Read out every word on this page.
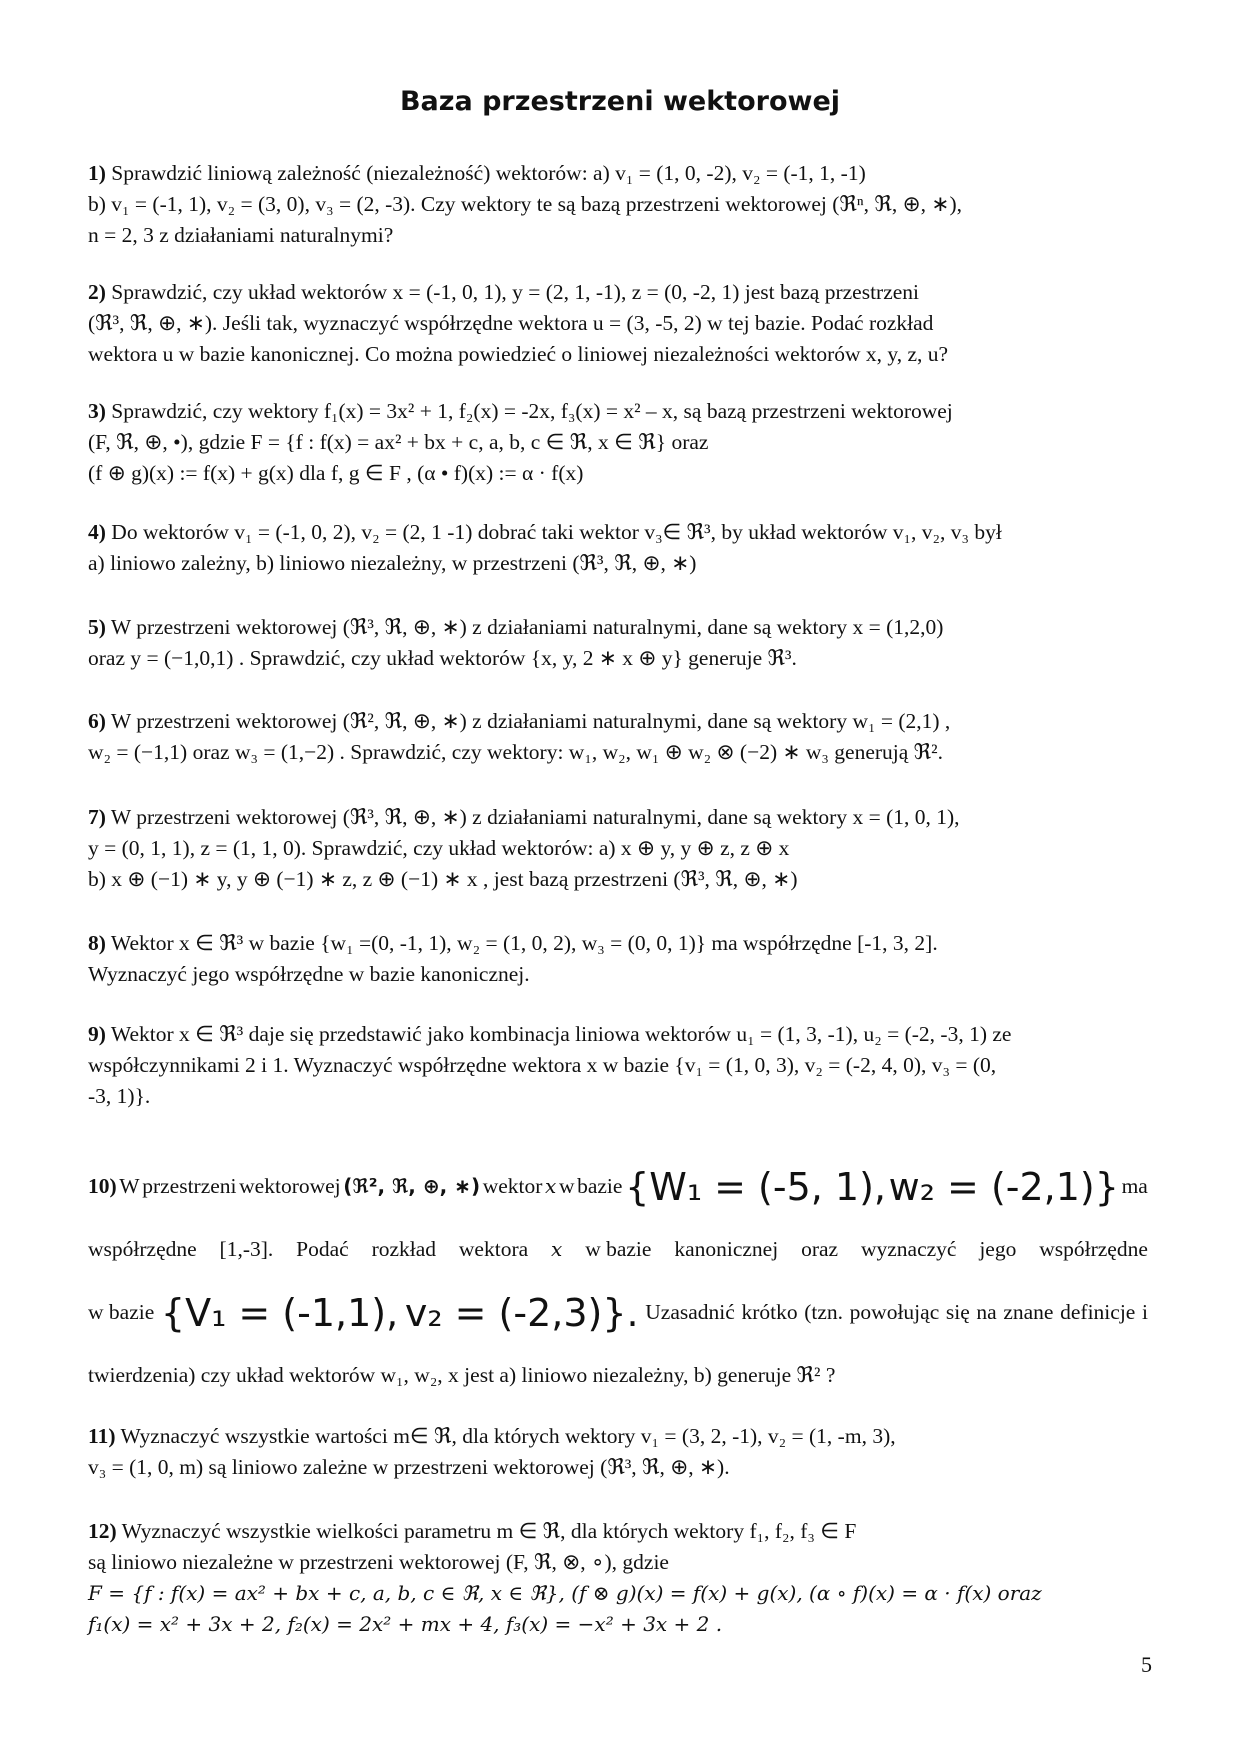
Baza przestrzeni wektorowej
1) Sprawdzić liniową zależność (niezależność) wektorów: a) v₁ = (1, 0, -2), v₂ = (-1, 1, -1)
b) v₁ = (-1, 1), v₂ = (3, 0), v₃ = (2, -3). Czy wektory te są bazą przestrzeni wektorowej (ℜⁿ, ℜ, ⊕, ∗),
n = 2, 3 z działaniami naturalnymi?
2) Sprawdzić, czy układ wektorów x = (-1, 0, 1), y = (2, 1, -1), z = (0, -2, 1) jest bazą przestrzeni
(ℜ³, ℜ, ⊕, ∗). Jeśli tak, wyznaczyć współrzędne wektora u = (3, -5, 2) w tej bazie. Podać rozkład
wektora u w bazie kanonicznej. Co można powiedzieć o liniowej niezależności wektorów x, y, z, u?
3) Sprawdzić, czy wektory f₁(x) = 3x² + 1, f₂(x) = -2x, f₃(x) = x² – x, są bazą przestrzeni wektorowej
(F, ℜ, ⊕, •), gdzie F = {f : f(x) = ax² + bx + c, a, b, c ∈ ℜ, x ∈ ℜ} oraz
(f ⊕ g)(x) := f(x) + g(x) dla f, g ∈ F , (α • f)(x) := α · f(x)
4) Do wektorów v₁ = (-1, 0, 2), v₂ = (2, 1 -1) dobrać taki wektor v₃∈ ℜ³, by układ wektorów v₁, v₂, v₃ był
a) liniowo zależny, b) liniowo niezależny, w przestrzeni (ℜ³, ℜ, ⊕, ∗)
5) W przestrzeni wektorowej (ℜ³, ℜ, ⊕, ∗) z działaniami naturalnymi, dane są wektory x = (1,2,0)
oraz y = (−1,0,1) . Sprawdzić, czy układ wektorów {x, y, 2 ∗ x ⊕ y} generuje ℜ³.
6) W przestrzeni wektorowej (ℜ², ℜ, ⊕, ∗) z działaniami naturalnymi, dane są wektory w₁ = (2,1) ,
w₂ = (−1,1) oraz w₃ = (1,−2) . Sprawdzić, czy wektory: w₁, w₂, w₁ ⊕ w₂ ⊗ (−2) ∗ w₃ generują ℜ².
7) W przestrzeni wektorowej (ℜ³, ℜ, ⊕, ∗) z działaniami naturalnymi, dane są wektory x = (1, 0, 1),
y = (0, 1, 1), z = (1, 1, 0). Sprawdzić, czy układ wektorów: a) x ⊕ y, y ⊕ z, z ⊕ x
b) x ⊕ (−1) ∗ y, y ⊕ (−1) ∗ z, z ⊕ (−1) ∗ x , jest bazą przestrzeni (ℜ³, ℜ, ⊕, ∗)
8) Wektor x ∈ ℜ³ w bazie {w₁ =(0, -1, 1), w₂ = (1, 0, 2), w₃ = (0, 0, 1)} ma współrzędne [-1, 3, 2].
Wyznaczyć jego współrzędne w bazie kanonicznej.
9) Wektor x ∈ ℜ³ daje się przedstawić jako kombinacja liniowa wektorów u₁ = (1, 3, -1), u₂ = (-2, -3, 1) ze
współczynnikami 2 i 1. Wyznaczyć współrzędne wektora x w bazie {v₁ = (1, 0, 3), v₂ = (-2, 4, 0), v₃ = (0,
-3, 1)}.
10) W przestrzeni wektorowej (ℜ², ℜ, ⊕, ∗) wektor x w bazie {W₁ = (-5, 1), w₂ = (-2,1)} ma
współrzędne [1,-3]. Podać rozkład wektora x w bazie kanonicznej oraz wyznaczyć jego współrzędne
w bazie {V₁ = (-1,1), v₂ = (-2,3)}. Uzasadnić krótko (tzn. powołując się na znane definicje i
twierdzenia) czy układ wektorów w₁, w₂, x jest a) liniowo niezależny, b) generuje ℜ² ?
11) Wyznaczyć wszystkie wartości m∈ ℜ, dla których wektory v₁ = (3, 2, -1), v₂ = (1, -m, 3),
v₃ = (1, 0, m) są liniowo zależne w przestrzeni wektorowej (ℜ³, ℜ, ⊕, ∗).
12) Wyznaczyć wszystkie wielkości parametru m ∈ ℜ, dla których wektory f₁, f₂, f₃ ∈ F
są liniowo niezależne w przestrzeni wektorowej (F, ℜ, ⊗, ∘), gdzie
F = {f : f(x) = ax² + bx + c, a, b, c ∈ ℜ, x ∈ ℜ}, (f ⊗ g)(x) = f(x) + g(x), (α ∘ f)(x) = α · f(x) oraz
f₁(x) = x² + 3x + 2, f₂(x) = 2x² + mx + 4, f₃(x) = −x² + 3x + 2 .
5
